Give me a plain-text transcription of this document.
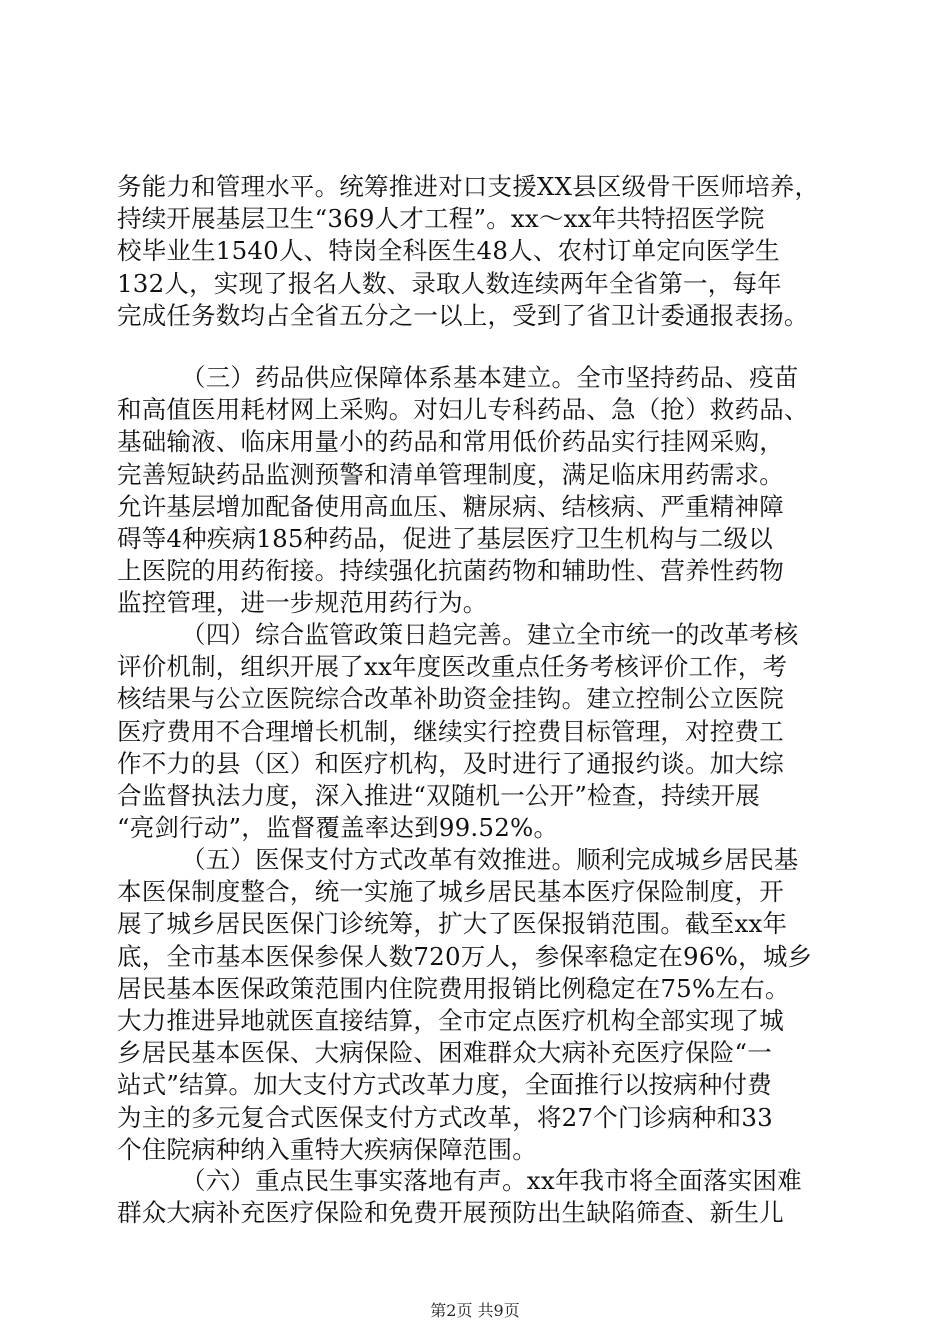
务能力和管理水平。统筹推进对口支援XX县区级骨干医师培养，
持续开展基层卫生“369人才工程”。xx～xx年共特招医学院
校毕业生1540人、特岗全科医生48人、农村订单定向医学生
132人，实现了报名人数、录取人数连续两年全省第一，每年
完成任务数均占全省五分之一以上，受到了省卫计委通报表扬。
（三）药品供应保障体系基本建立。全市坚持药品、疫苗
和高值医用耗材网上采购。对妇儿专科药品、急（抢）救药品、
基础输液、临床用量小的药品和常用低价药品实行挂网采购，
完善短缺药品监测预警和清单管理制度，满足临床用药需求。
允许基层增加配备使用高血压、糖尿病、结核病、严重精神障
碍等4种疾病185种药品，促进了基层医疗卫生机构与二级以
上医院的用药衔接。持续强化抗菌药物和辅助性、营养性药物
监控管理，进一步规范用药行为。
（四）综合监管政策日趋完善。建立全市统一的改革考核
评价机制，组织开展了xx年度医改重点任务考核评价工作，考
核结果与公立医院综合改革补助资金挂钩。建立控制公立医院
医疗费用不合理增长机制，继续实行控费目标管理，对控费工
作不力的县（区）和医疗机构，及时进行了通报约谈。加大综
合监督执法力度，深入推进“双随机一公开”检查，持续开展
“亮剑行动”，监督覆盖率达到99.52%。
（五）医保支付方式改革有效推进。顺利完成城乡居民基
本医保制度整合，统一实施了城乡居民基本医疗保险制度，开
展了城乡居民医保门诊统筹，扩大了医保报销范围。截至xx年
底，全市基本医保参保人数720万人，参保率稳定在96%，城乡
居民基本医保政策范围内住院费用报销比例稳定在75%左右。
大力推进异地就医直接结算，全市定点医疗机构全部实现了城
乡居民基本医保、大病保险、困难群众大病补充医疗保险“一
站式”结算。加大支付方式改革力度，全面推行以按病种付费
为主的多元复合式医保支付方式改革，将27个门诊病种和33
个住院病种纳入重特大疾病保障范围。
（六）重点民生事实落地有声。xx年我市将全面落实困难
群众大病补充医疗保险和免费开展预防出生缺陷筛查、新生儿
第2页 共9页
